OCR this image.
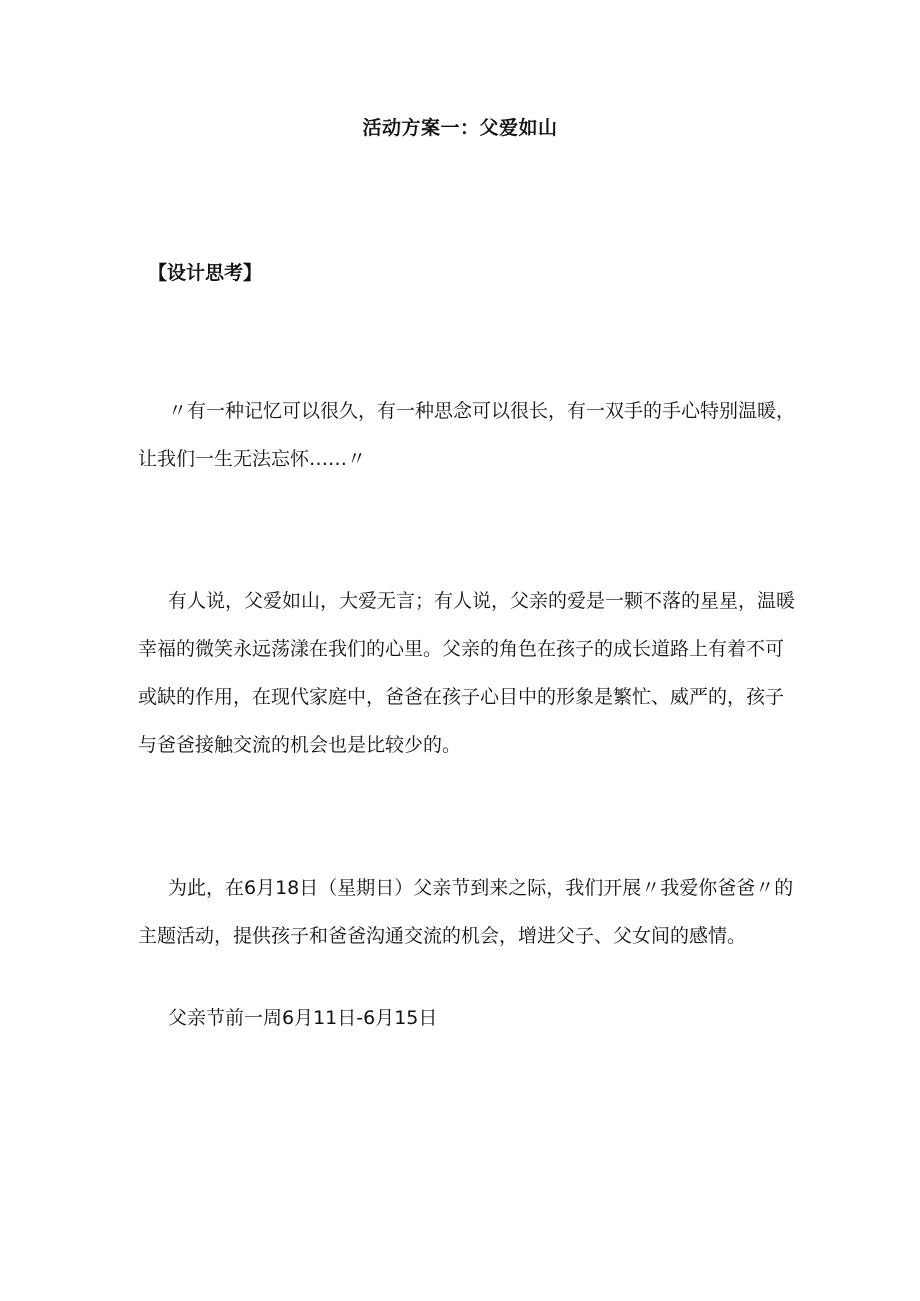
活动方案一：父爱如山
【设计思考】

〃有一种记忆可以很久，有一种思念可以很长，有一双手的手心特别温暖，让我们一生无法忘怀……〃

有人说，父爱如山，大爱无言；有人说，父亲的爱是一颗不落的星星，温暖幸福的微笑永远荡漾在我们的心里。父亲的角色在孩子的成长道路上有着不可或缺的作用，在现代家庭中，爸爸在孩子心目中的形象是繁忙、威严的，孩子与爸爸接触交流的机会也是比较少的。

为此，在6月18日（星期日）父亲节到来之际，我们开展〃我爱你爸爸〃的主题活动，提供孩子和爸爸沟通交流的机会，增进父子、父女间的感情。

父亲节前一周6月11日-6月15日
